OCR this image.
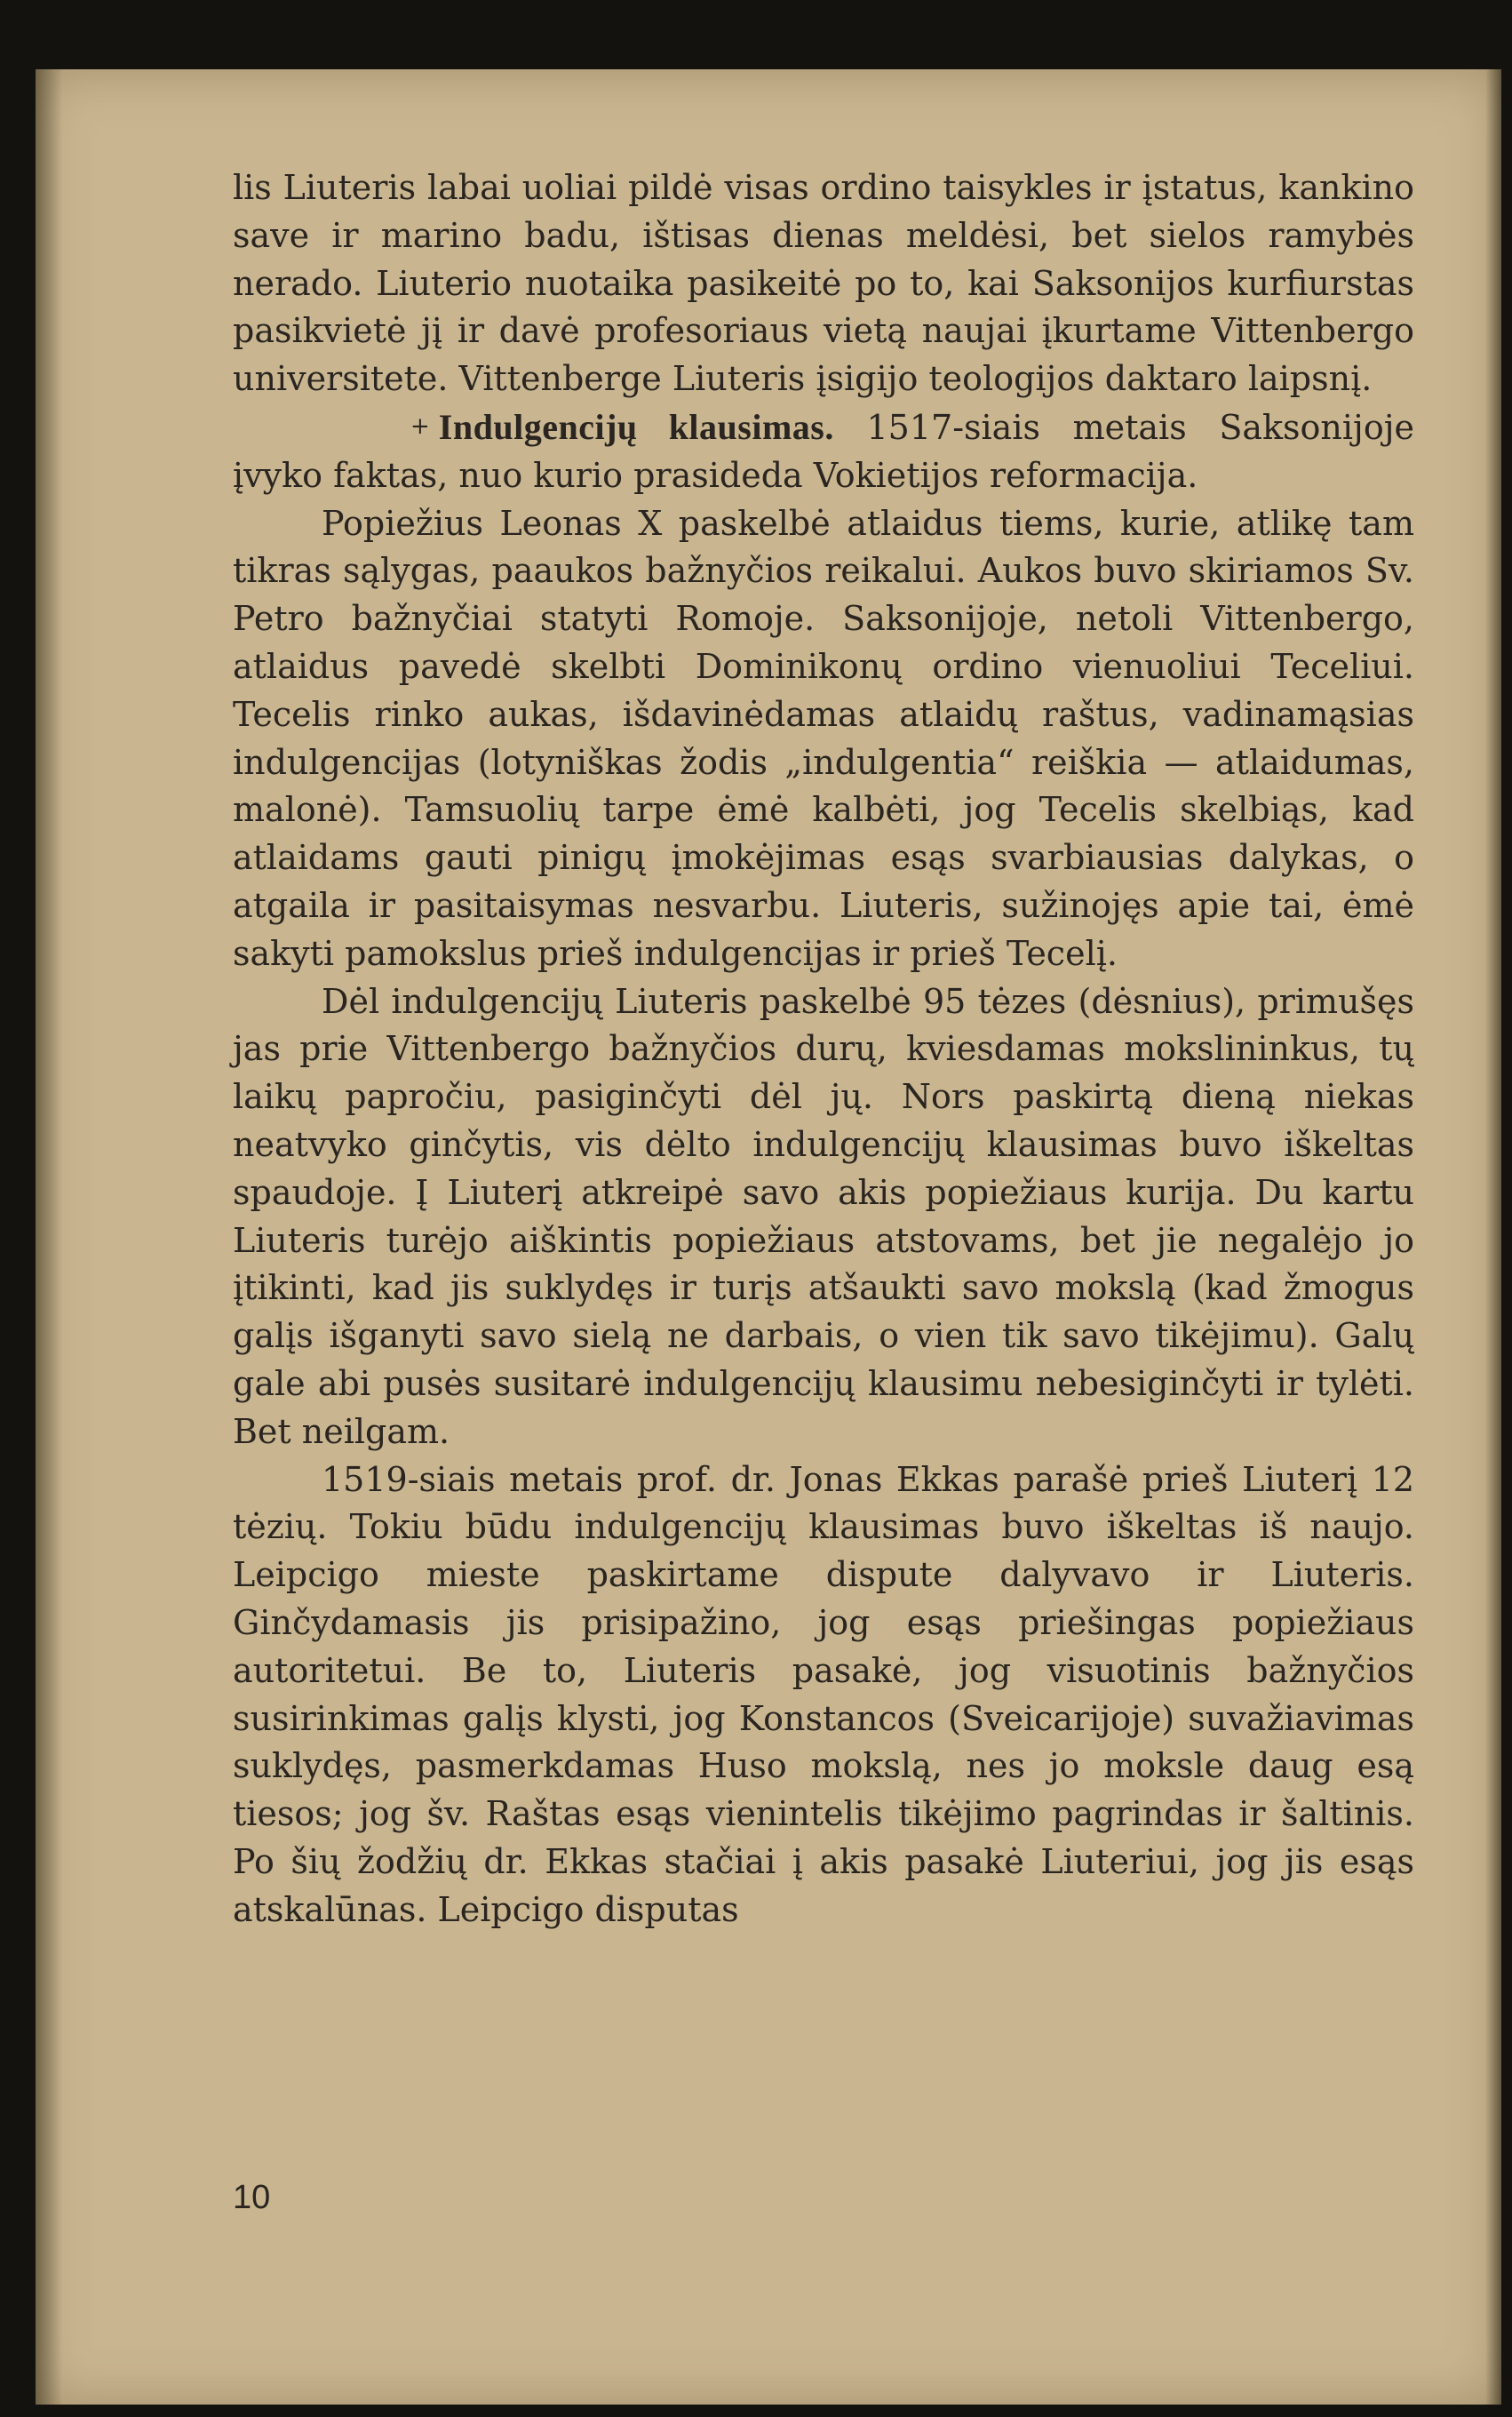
lis Liuteris labai uoliai pildė visas ordino taisykles ir įstatus, kankino save ir marino badu, ištisas dienas meldėsi, bet sielos ramybės nerado. Liuterio nuotaika pasikeitė po to, kai Saksonijos kurfiurstas pasikvietė jį ir davė profesoriaus vietą naujai įkurtame Vittenbergo universitete. Vittenberge Liuteris įsigijo teologijos daktaro laipsnį.

+ Indulgencijų klausimas. 1517-siais metais Saksonijoje įvyko faktas, nuo kurio prasideda Vokietijos reformacija.

Popiežius Leonas X paskelbė atlaidus tiems, kurie, atlikę tam tikras sąlygas, paaukos bažnyčios reikalui. Aukos buvo skiriamos Sv. Petro bažnyčiai statyti Romoje. Saksonijoje, netoli Vittenbergo, atlaidus pavedė skelbti Dominikonų ordino vienuoliui Teceliui. Tecelis rinko aukas, išdavinėdamas atlaidų raštus, vadinamąsias indulgencijas (lotyniškas žodis „indulgentia“ reiškia — atlaidumas, malonė). Tamsuolių tarpe ėmė kalbėti, jog Tecelis skelbiąs, kad atlaidams gauti pinigų įmokėjimas esąs svarbiausias dalykas, o atgaila ir pasitaisymas nesvarbu. Liuteris, sužinojęs apie tai, ėmė sakyti pamokslus prieš indulgencijas ir prieš Tecelį.

Dėl indulgencijų Liuteris paskelbė 95 tėzes (dėsnius), primušęs jas prie Vittenbergo bažnyčios durų, kviesdamas mokslininkus, tų laikų papročiu, pasiginčyti dėl jų. Nors paskirtą dieną niekas neatvyko ginčytis, vis dėlto indulgencijų klausimas buvo iškeltas spaudoje. Į Liuterį atkreipė savo akis popiežiaus kurija. Du kartu Liuteris turėjo aiškintis popiežiaus atstovams, bet jie negalėjo jo įtikinti, kad jis suklydęs ir turįs atšaukti savo mokslą (kad žmogus galįs išganyti savo sielą ne darbais, o vien tik savo tikėjimu). Galų gale abi pusės susitarė indulgencijų klausimu nebesiginčyti ir tylėti. Bet neilgam.

1519-siais metais prof. dr. Jonas Ekkas parašė prieš Liuterį 12 tėzių. Tokiu būdu indulgencijų klausimas buvo iškeltas iš naujo. Leipcigo mieste paskirtame dispute dalyvavo ir Liuteris. Ginčydamasis jis prisipažino, jog esąs priešingas popiežiaus autoritetui. Be to, Liuteris pasakė, jog visuotinis bažnyčios susirinkimas galįs klysti, jog Konstancos (Sveicarijoje) suvažiavimas suklydęs, pasmerkdamas Huso mokslą, nes jo moksle daug esą tiesos; jog šv. Raštas esąs vienintelis tikėjimo pagrindas ir šaltinis. Po šių žodžių dr. Ekkas stačiai į akis pasakė Liuteriui, jog jis esąs atskalūnas. Leipcigo disputas

10
